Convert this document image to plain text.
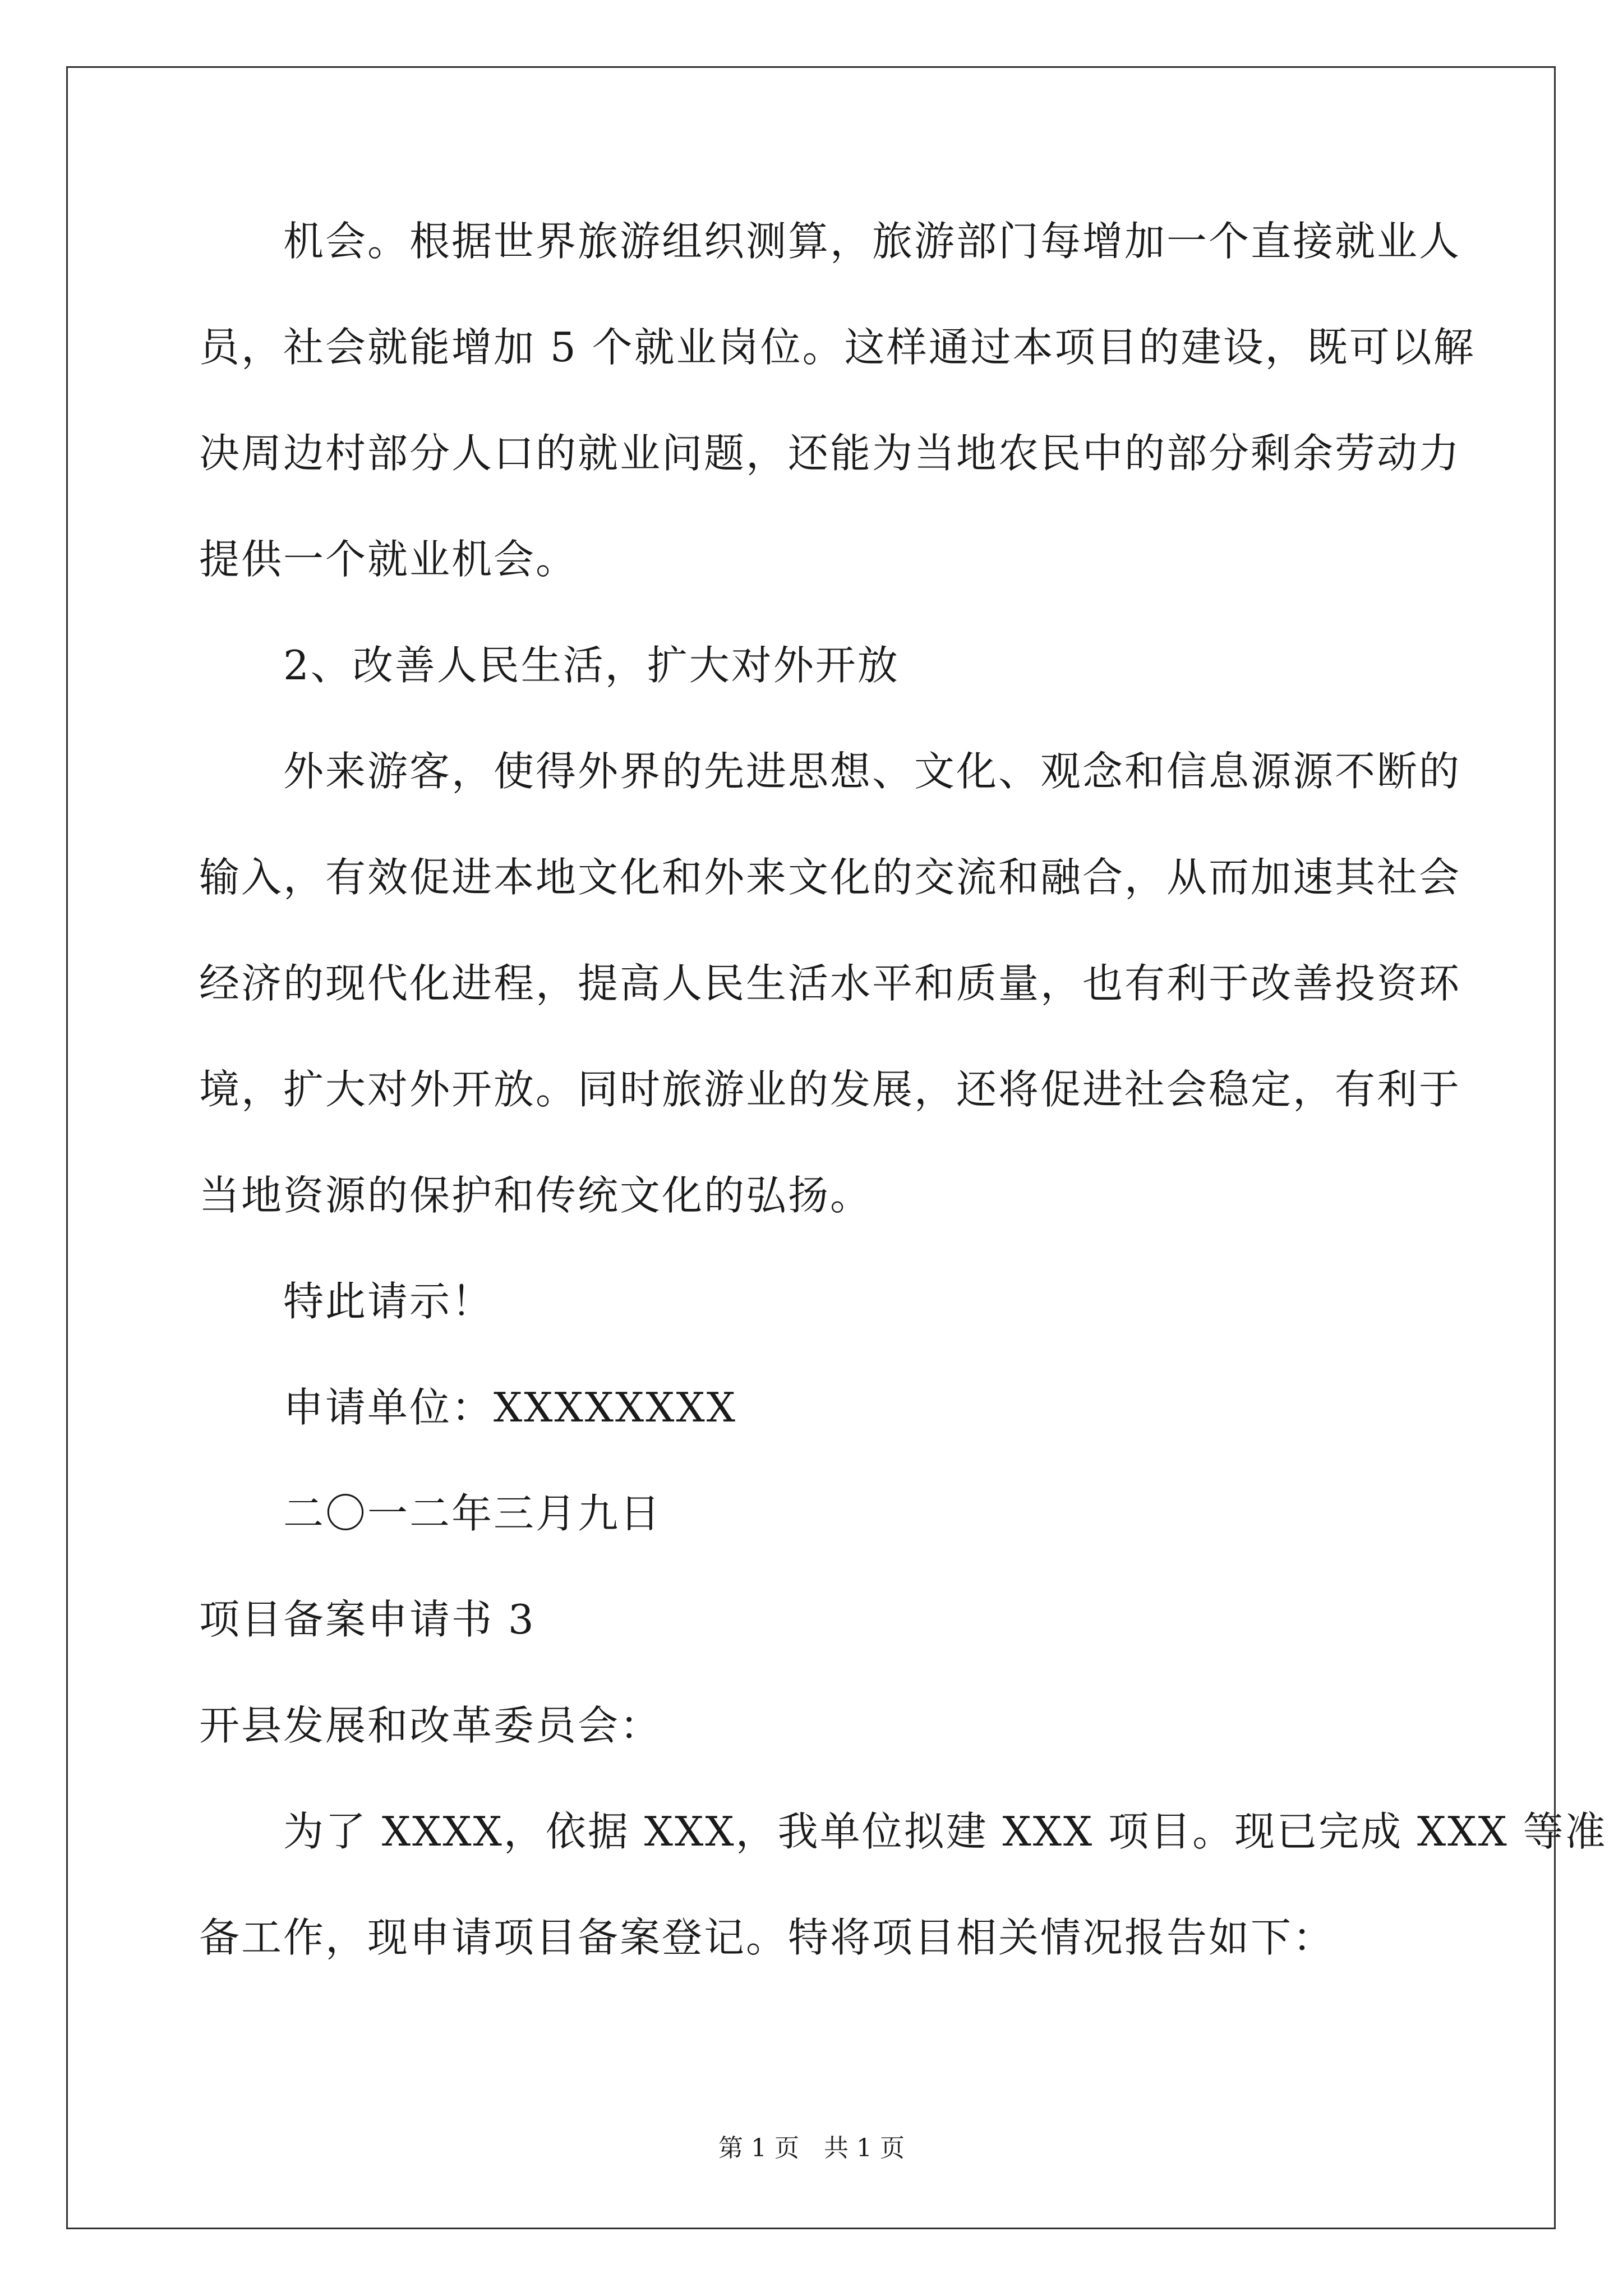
机会。根据世界旅游组织测算，旅游部门每增加一个直接就业人
员，社会就能增加 5 个就业岗位。这样通过本项目的建设，既可以解
决周边村部分人口的就业问题，还能为当地农民中的部分剩余劳动力
提供一个就业机会。
2、改善人民生活，扩大对外开放
外来游客，使得外界的先进思想、文化、观念和信息源源不断的
输入，有效促进本地文化和外来文化的交流和融合，从而加速其社会
经济的现代化进程，提高人民生活水平和质量，也有利于改善投资环
境，扩大对外开放。同时旅游业的发展，还将促进社会稳定，有利于
当地资源的保护和传统文化的弘扬。
特此请示！
申请单位：XXXXXXXX
二〇一二年三月九日
项目备案申请书 3
开县发展和改革委员会：
为了 XXXX，依据 XXX，我单位拟建 XXX 项目。现已完成 XXX 等准
备工作，现申请项目备案登记。特将项目相关情况报告如下：
第 1 页　共 1 页
